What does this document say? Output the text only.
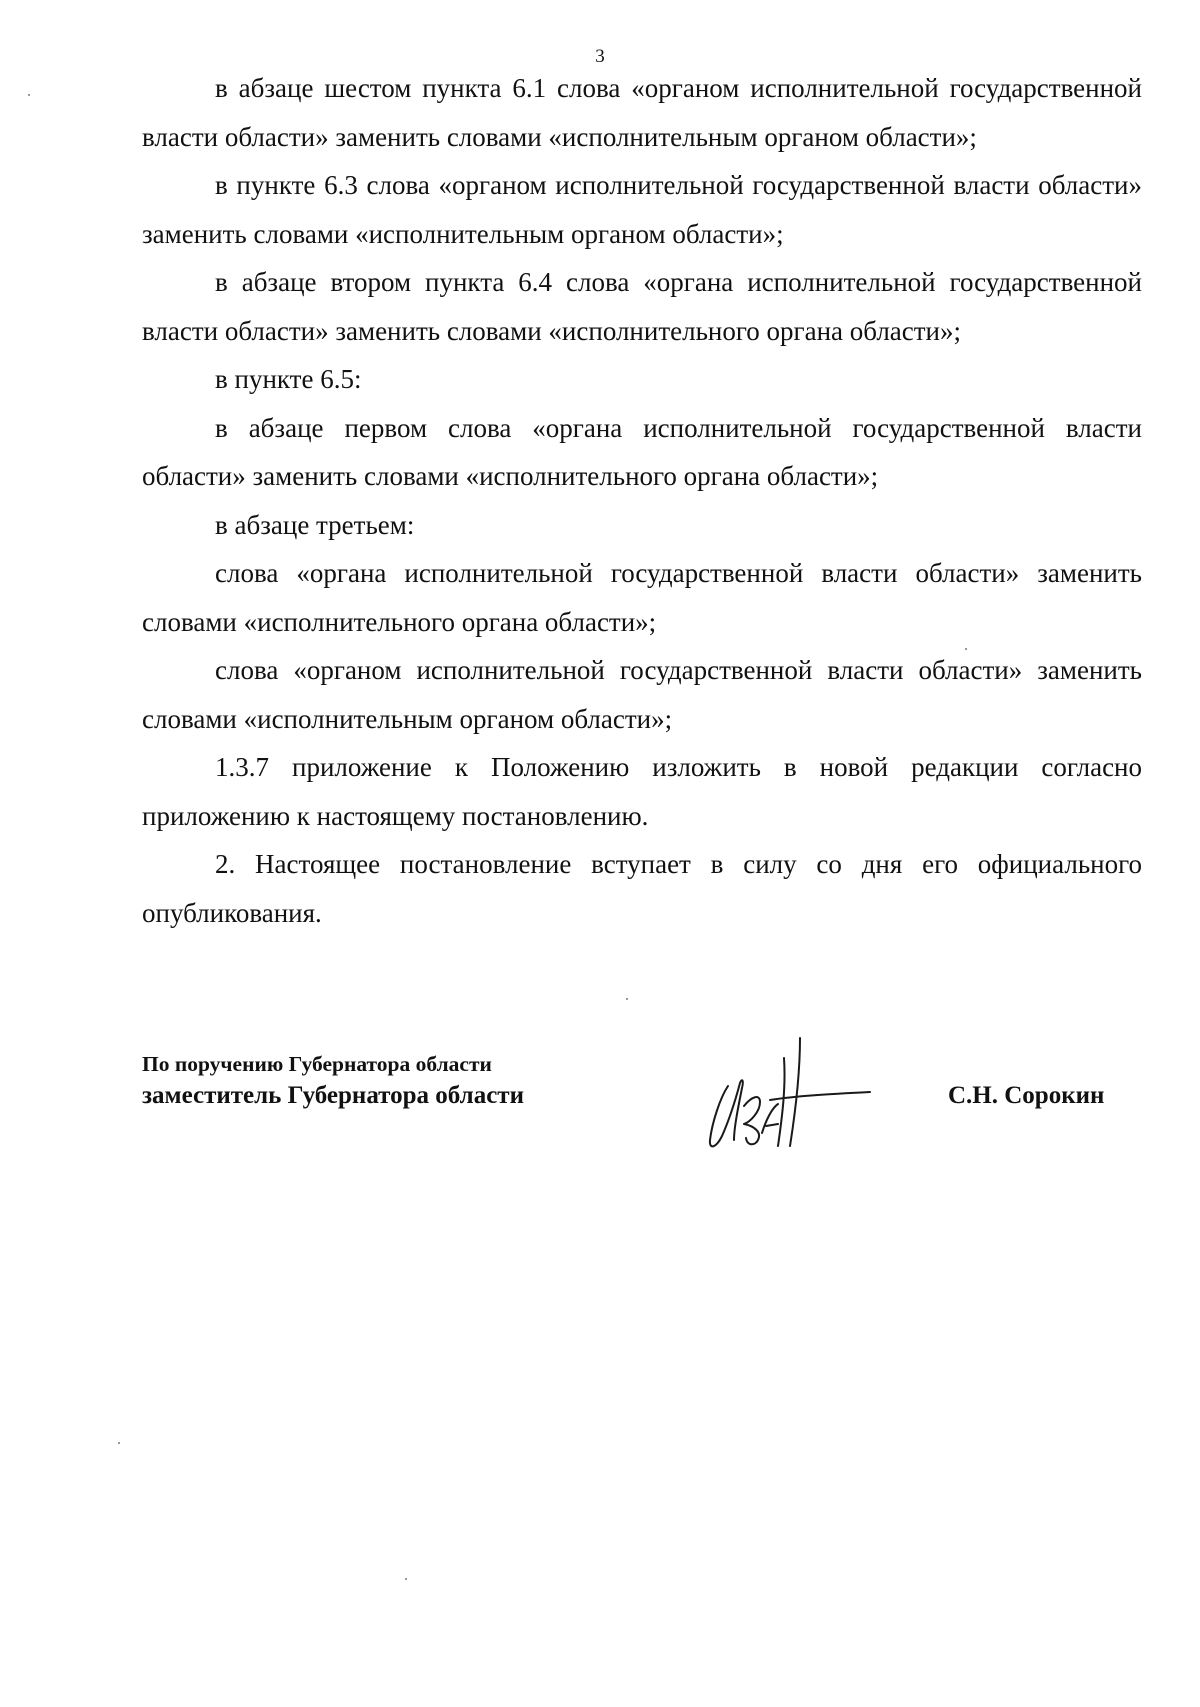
3

в абзаце шестом пункта 6.1 слова «органом исполнительной государственной власти области» заменить словами «исполнительным органом области»;

в пункте 6.3 слова «органом исполнительной государственной власти области» заменить словами «исполнительным органом области»;

в абзаце втором пункта 6.4 слова «органа исполнительной государственной власти области» заменить словами «исполнительного органа области»;

в пункте 6.5:

в абзаце первом слова «органа исполнительной государственной власти области» заменить словами «исполнительного органа области»;

в абзаце третьем:

слова «органа исполнительной государственной власти области» заменить словами «исполнительного органа области»;

слова «органом исполнительной государственной власти области» заменить словами «исполнительным органом области»;

1.3.7 приложение к Положению изложить в новой редакции согласно приложению к настоящему постановлению.

2. Настоящее постановление вступает в силу со дня его официального опубликования.

По поручению Губернатора области
заместитель Губернатора области	С.Н. Сорокин
